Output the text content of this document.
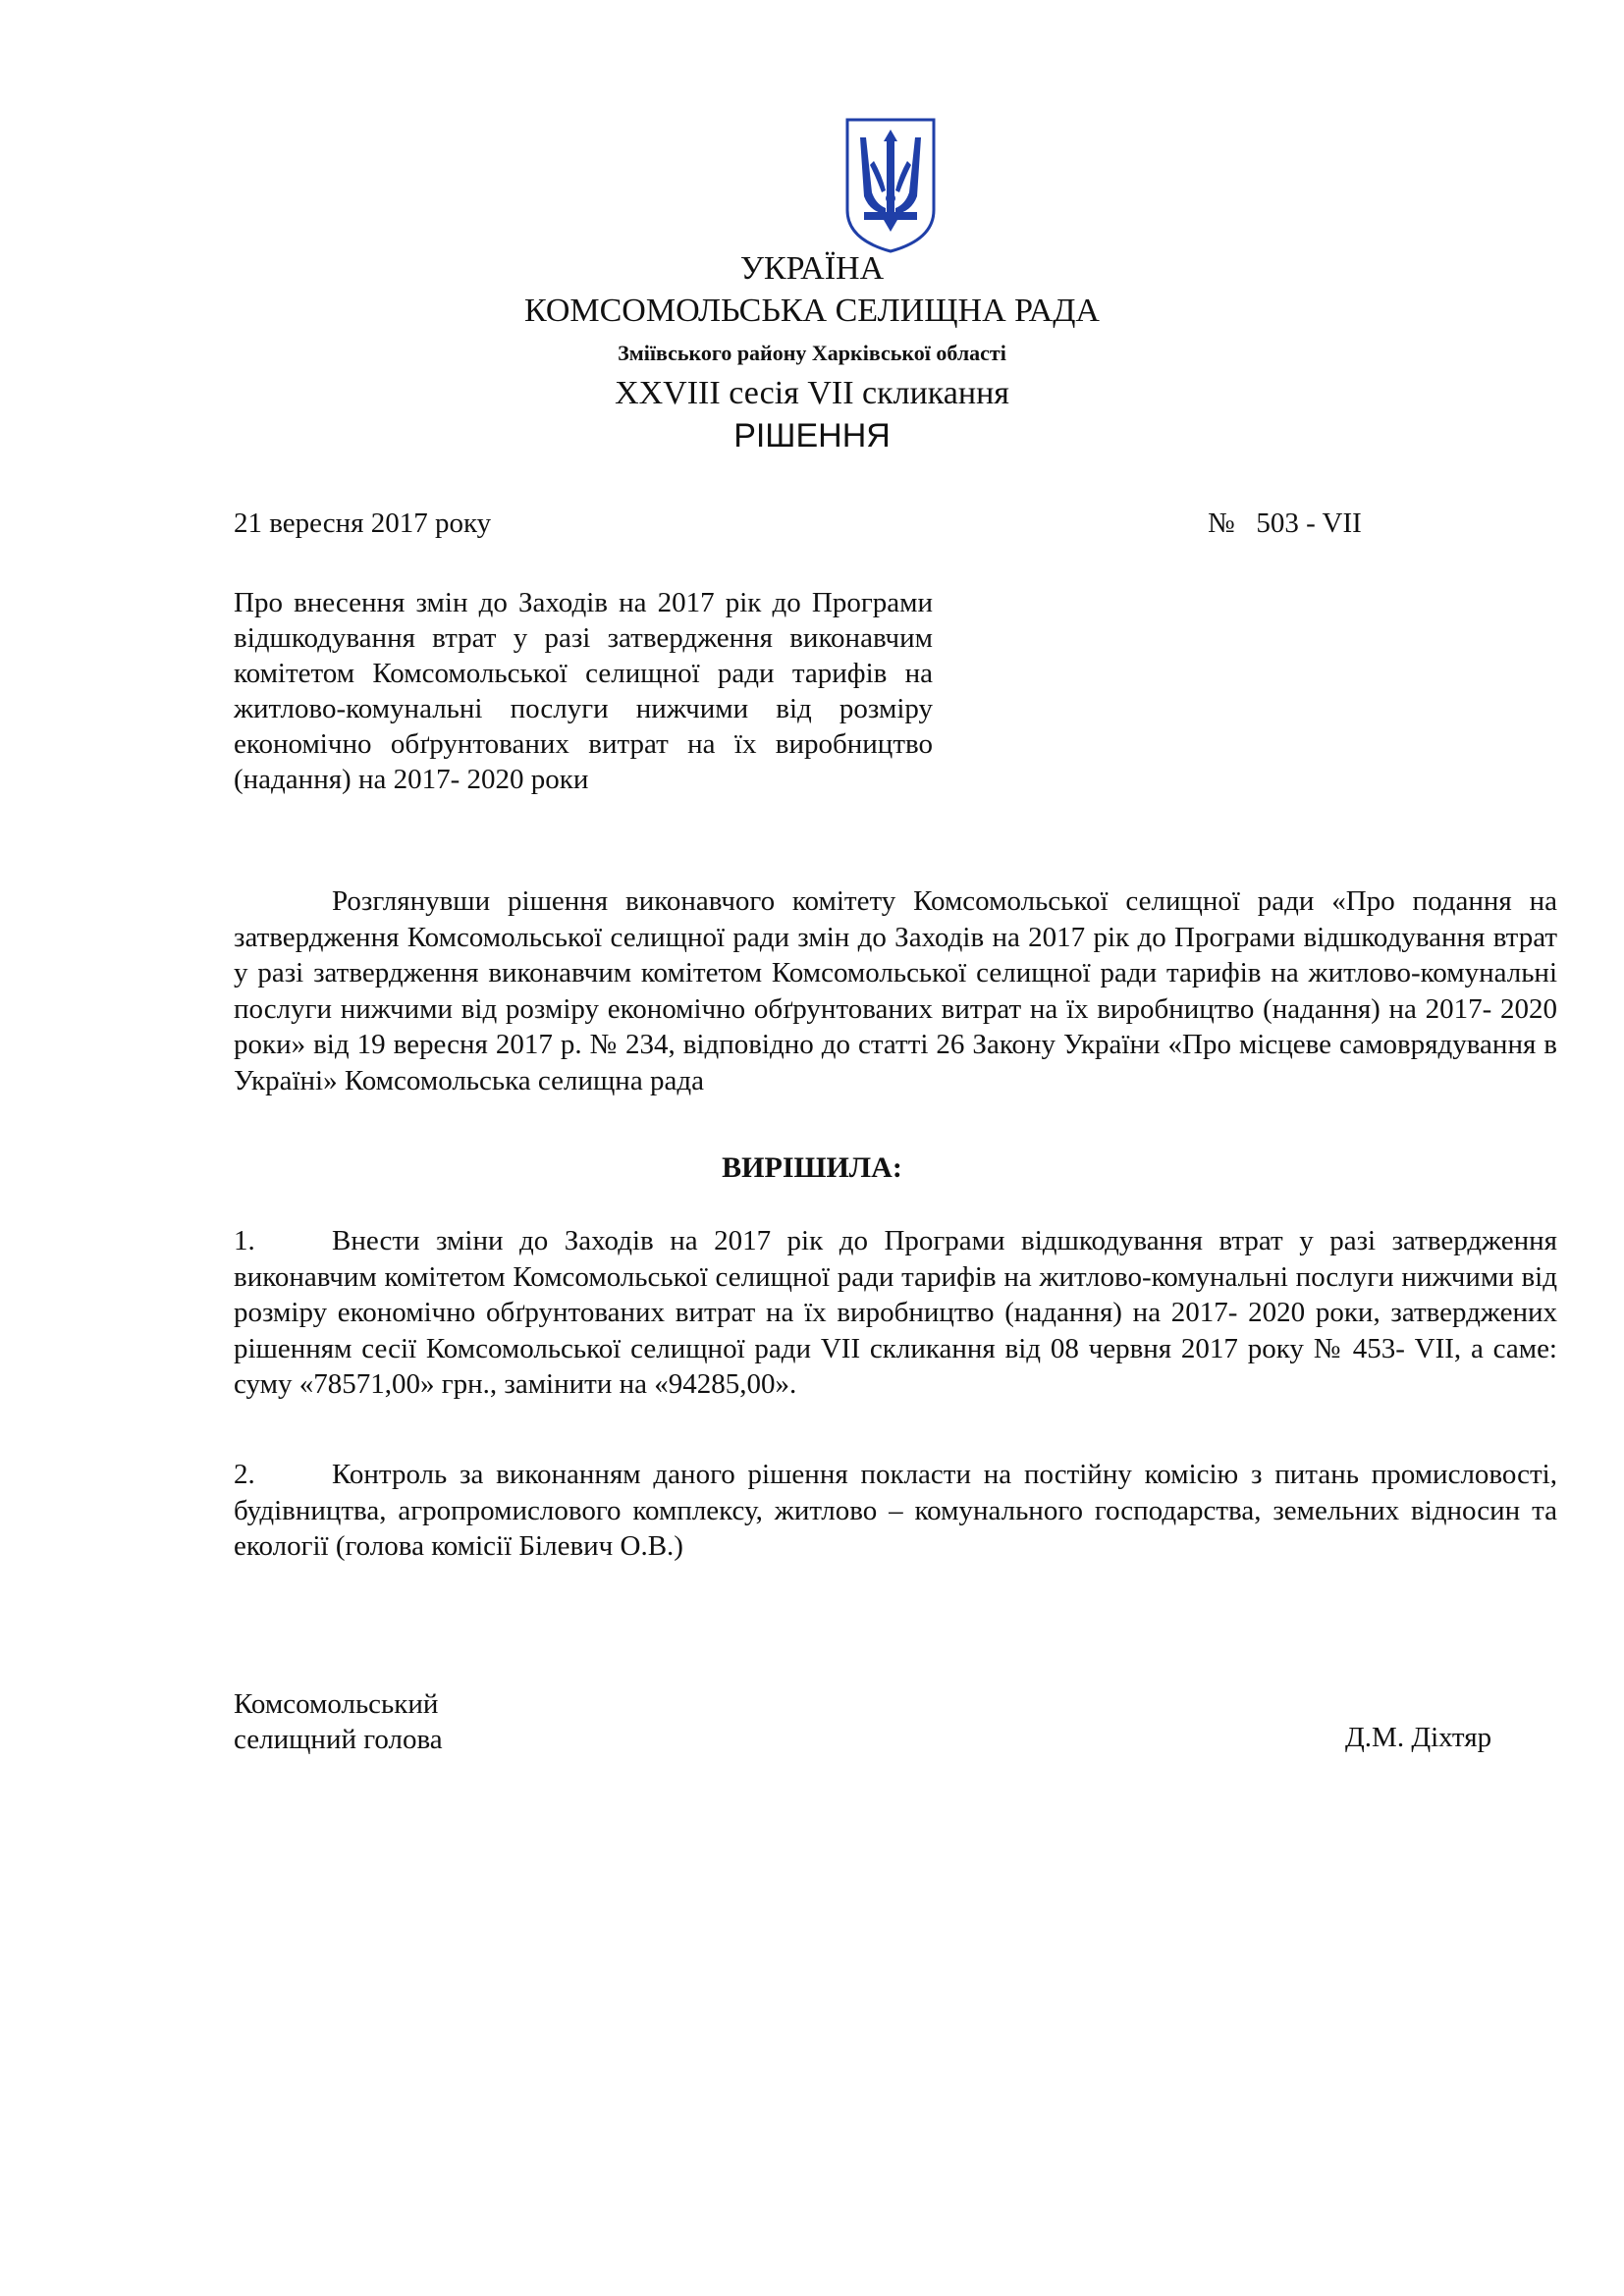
УКРАЇНА
КОМСОМОЛЬСЬКА СЕЛИЩНА РАДА
Зміївського району Харківської області
XXVIII сесія VII скликання
РІШЕННЯ
21 вересня 2017 року	№   503 - VII
Про внесення змін до Заходів на 2017 рік до Програми відшкодування втрат у разі затвердження виконавчим комітетом Комсомольської селищної ради тарифів на житлово-комунальні послуги нижчими від розміру економічно обґрунтованих витрат на їх виробництво (надання) на 2017- 2020 роки
Розглянувши рішення виконавчого комітету Комсомольської селищної ради «Про подання на затвердження Комсомольської селищної ради змін до Заходів на 2017 рік до Програми відшкодування втрат у разі затвердження виконавчим комітетом Комсомольської селищної ради тарифів на житлово-комунальні послуги нижчими від розміру економічно обґрунтованих витрат на їх виробництво (надання) на 2017- 2020 роки» від 19 вересня 2017 р. № 234, відповідно до статті 26 Закону України «Про місцеве самоврядування в Україні» Комсомольська селищна рада
ВИРІШИЛА:
1.	Внести зміни до Заходів на 2017 рік до Програми відшкодування втрат у разі затвердження виконавчим комітетом Комсомольської селищної ради тарифів на житлово-комунальні послуги нижчими від розміру економічно обґрунтованих витрат на їх виробництво (надання) на 2017- 2020 роки, затверджених рішенням сесії Комсомольської селищної ради VII скликання від 08 червня 2017 року № 453- VII, а саме: суму «78571,00» грн., замінити на «94285,00».
2.	Контроль за виконанням даного рішення покласти на постійну комісію з питань промисловості, будівництва, агропромислового комплексу, житлово – комунального господарства, земельних відносин та екології (голова комісії Білевич О.В.)
Комсомольський
селищний голова	Д.М. Діхтяр
